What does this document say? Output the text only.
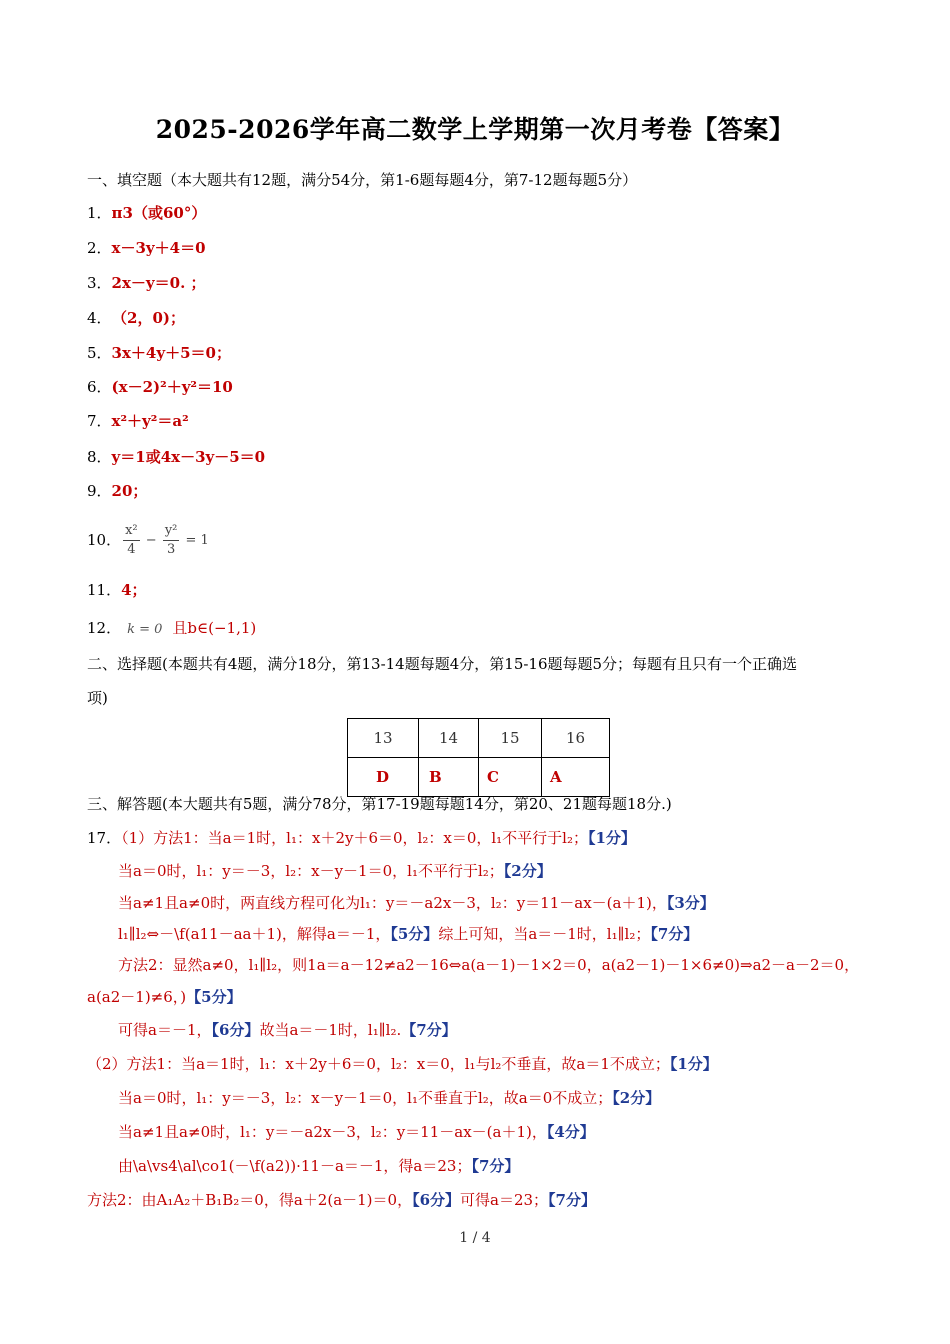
2025-2026学年高二数学上学期第一次月考卷【答案】
一、填空题（本大题共有12题，满分54分，第1-6题每题4分，第7-12题每题5分）
1．π3（或60°）
2．x－3y＋4＝0
3．2x－y＝0. ；
4． （2，0)；
5．3x＋4y＋5＝0；
6．(x－2)²＋y²＝10
7．x²＋y²＝a²
8．y＝1或4x－3y－5＝0
9．20；
10． $\frac{\text{x²}}{4} - \frac{\text{y²}}{3} = 1$
11．4；
12． k = 0 且b∈(−1,1)
二、选择题(本题共有4题，满分18分，第13-14题每题4分，第15-16题每题5分；每题有且只有一个正确选
项)
13	14	15	16
D	B	C	A
三、解答题(本大题共有5题，满分78分，第17-19题每题14分，第20、21题每题18分.)
17．（1）方法1：当a＝1时，l₁：x＋2y＋6＝0，l₂：x＝0，l₁不平行于l₂；【1分】
当a＝0时，l₁：y＝－3，l₂：x－y－1＝0，l₁不平行于l₂；【2分】
当a≠1且a≠0时，两直线方程可化为l₁：y＝－a2x－3，l₂：y＝11－ax－(a＋1)，【3分】
l₁∥l₂⇔－\f(a11－aa＋1)，解得a＝－1，【5分】综上可知，当a＝－1时，l₁∥l₂；【7分】
方法2：显然a≠0，l₁∥l₂，则1a＝a－12≠a2－16⇔a(a－1)－1×2＝0，a(a2－1)－1×6≠0)⇒a2－a－2＝0，
a(a2－1)≠6，)【5分】
可得a＝－1，【6分】故当a＝－1时，l₁∥l₂.【7分】
（2）方法1：当a＝1时，l₁：x＋2y＋6＝0，l₂：x＝0，l₁与l₂不垂直，故a＝1不成立；【1分】
当a＝0时，l₁：y＝－3，l₂：x－y－1＝0，l₁不垂直于l₂，故a＝0不成立；【2分】
当a≠1且a≠0时，l₁：y＝－a2x－3，l₂：y＝11－ax－(a＋1)，【4分】
由\a\vs4\al\co1(－\f(a2))·11－a＝－1，得a＝23；【7分】
方法2：由A₁A₂＋B₁B₂＝0，得a＋2(a－1)＝0，【6分】可得a＝23；【7分】
1 / 4
